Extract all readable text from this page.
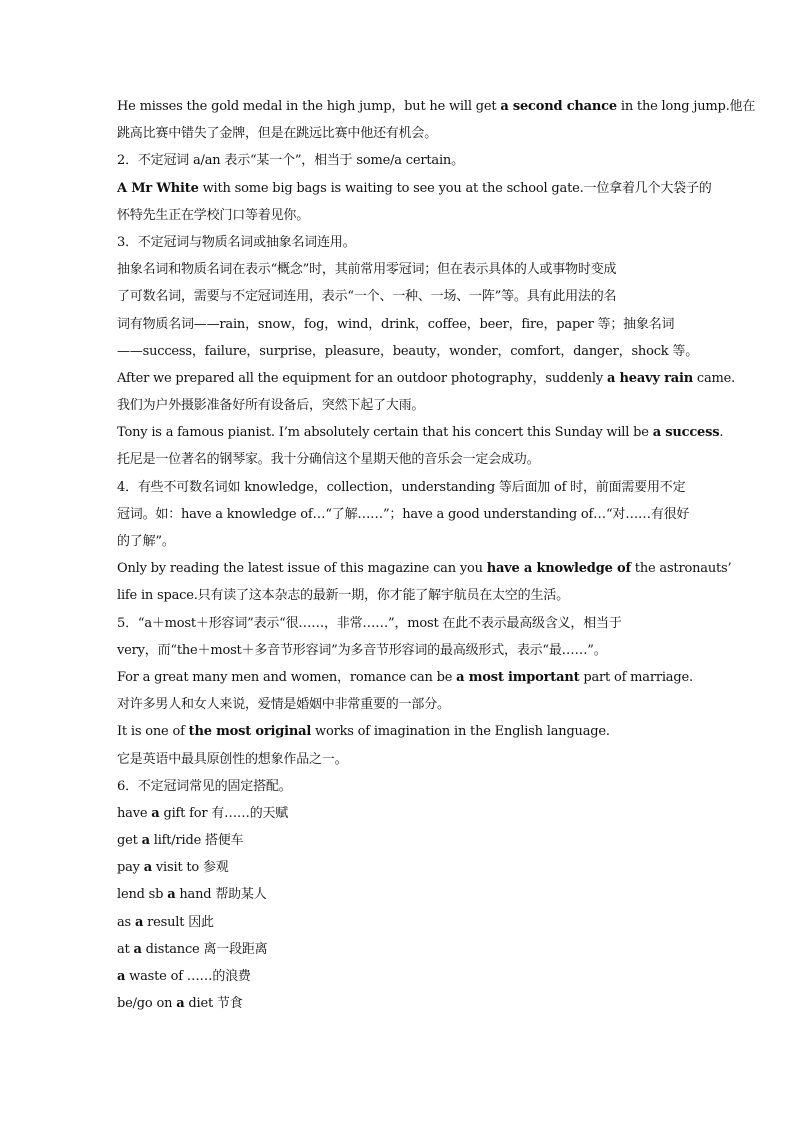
He misses the gold medal in the high jump，but he will get a second chance in the long jump.他在
跳高比赛中错失了金牌，但是在跳远比赛中他还有机会。
2．不定冠词 a/an 表示“某一个”，相当于 some/a certain。
A Mr White with some big bags is waiting to see you at the school gate.一位拿着几个大袋子的
怀特先生正在学校门口等着见你。
3．不定冠词与物质名词或抽象名词连用。
抽象名词和物质名词在表示“概念”时，其前常用零冠词；但在表示具体的人或事物时变成
了可数名词，需要与不定冠词连用，表示“一个、一种、一场、一阵”等。具有此用法的名
词有物质名词——rain，snow，fog，wind，drink，coffee，beer，fire，paper 等；抽象名词
——success，failure，surprise，pleasure，beauty，wonder，comfort，danger，shock 等。
After we prepared all the equipment for an outdoor photography，suddenly a heavy rain came.
我们为户外摄影准备好所有设备后，突然下起了大雨。
Tony is a famous pianist. I’m absolutely certain that his concert this Sunday will be a success.
托尼是一位著名的钢琴家。我十分确信这个星期天他的音乐会一定会成功。
4．有些不可数名词如 knowledge，collection，understanding 等后面加 of 时，前面需要用不定
冠词。如：have a knowledge of…“了解……”；have a good understanding of…“对……有很好
的了解”。
Only by reading the latest issue of this magazine can you have a knowledge of the astronauts’
life in space.只有读了这本杂志的最新一期，你才能了解宇航员在太空的生活。
5．“a＋most＋形容词”表示“很……，非常……”，most 在此不表示最高级含义，相当于
very，而“the＋most＋多音节形容词”为多音节形容词的最高级形式，表示“最……”。
For a great many men and women，romance can be a most important part of marriage.
对许多男人和女人来说，爱情是婚姻中非常重要的一部分。
It is one of the most original works of imagination in the English language.
它是英语中最具原创性的想象作品之一。
6．不定冠词常见的固定搭配。
have a gift for 有……的天赋
get a lift/ride 搭便车
pay a visit to 参观
lend sb a hand 帮助某人
as a result 因此
at a distance 离一段距离
a waste of ……的浪费
be/go on a diet 节食
